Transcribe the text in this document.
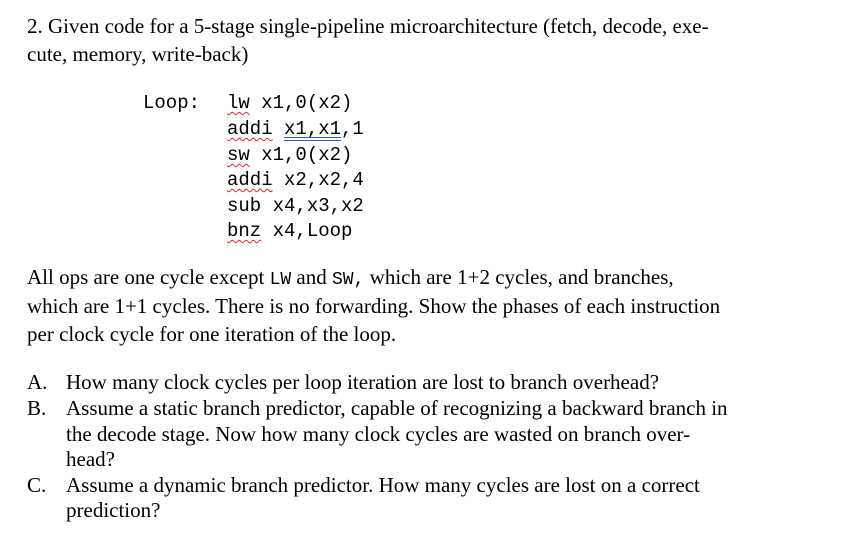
2. Given code for a 5-stage single-pipeline microarchitecture (fetch, decode, exe-
cute, memory, write-back)
Loop: lw x1,0(x2)
addi x1,x1,1
sw x1,0(x2)
addi x2,x2,4
sub x4,x3,x2
bnz x4,Loop
All ops are one cycle except LW and SW, which are 1+2 cycles, and branches,
which are 1+1 cycles. There is no forwarding. Show the phases of each instruction
per clock cycle for one iteration of the loop.
A. How many clock cycles per loop iteration are lost to branch overhead?
B. Assume a static branch predictor, capable of recognizing a backward branch in
the decode stage. Now how many clock cycles are wasted on branch over-
head?
C. Assume a dynamic branch predictor. How many cycles are lost on a correct
prediction?
